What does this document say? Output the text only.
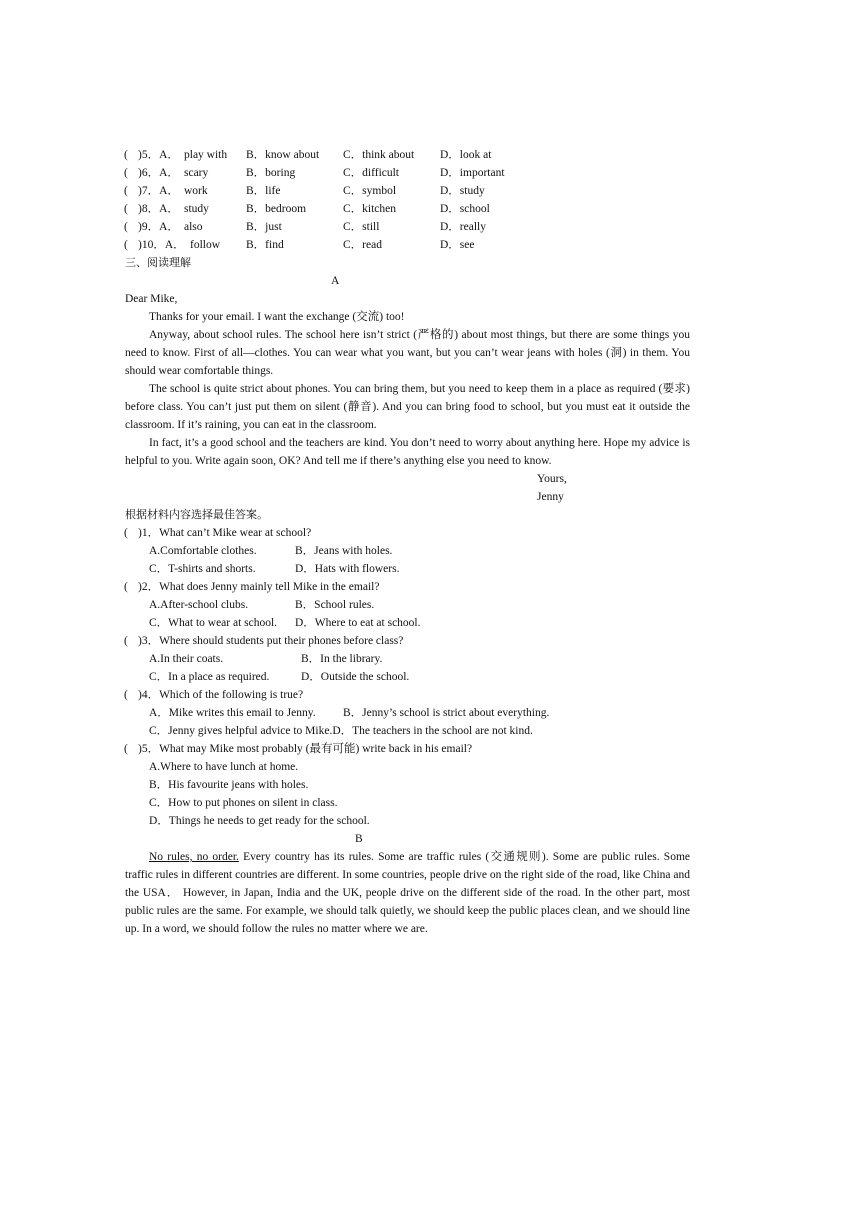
( )5．A． play with B．know about C．think about D．look at
( )6．A． scary	B．boring	C．difficult	D．important
( )7．A． work	B．life	C．symbol	D．study
( )8．A． study	B．bedroom	C．kitchen	D．school
( )9．A． also	B．just	C．still	D．really
( )10．A． follow B．find	C．read	D．see
三、阅读理解
A
Dear Mike,
Thanks for your email. I want the exchange (交流) too!
Anyway, about school rules. The school here isn’t strict (严格的) about most things, but there are some things you need to know. First of all—clothes. You can wear what you want, but you can’t wear jeans with holes (洞) in them. You should wear comfortable things.
The school is quite strict about phones. You can bring them, but you need to keep them in a place as required (要求) before class. You can’t just put them on silent (静音). And you can bring food to school, but you must eat it outside the classroom. If it’s raining, you can eat in the classroom.
In fact, it’s a good school and the teachers are kind. You don’t need to worry about anything here. Hope my advice is helpful to you. Write again soon, OK? And tell me if there’s anything else you need to know.
Yours,
Jenny
根据材料内容选择最佳答案。
( )1．What can’t Mike wear at school?
A.Comfortable clothes.	B．Jeans with holes.
C．T-shirts and shorts.	D．Hats with flowers.
( )2．What does Jenny mainly tell Mike in the email?
A.After-school clubs.	B．School rules.
C．What to wear at school. D．Where to eat at school.
( )3．Where should students put their phones before class?
A.In their coats.	B．In the library.
C．In a place as required.	D．Outside the school.
( )4．Which of the following is true?
A．Mike writes this email to Jenny. B．Jenny’s school is strict about everything.
C．Jenny gives helpful advice to Mike.D．The teachers in the school are not kind.
( )5．What may Mike most probably (最有可能) write back in his email?
A.Where to have lunch at home.
B．His favourite jeans with holes.
C．How to put phones on silent in class.
D．Things he needs to get ready for the school.
B
No rules, no order. Every country has its rules. Some are traffic rules (交通规则). Some are public rules. Some traffic rules in different countries are different. In some countries, people drive on the right side of the road, like China and the USA． However, in Japan, India and the UK, people drive on the different side of the road. In the other part, most public rules are the same. For example, we should talk quietly, we should keep the public places clean, and we should line up. In a word, we should follow the rules no matter where we are.
